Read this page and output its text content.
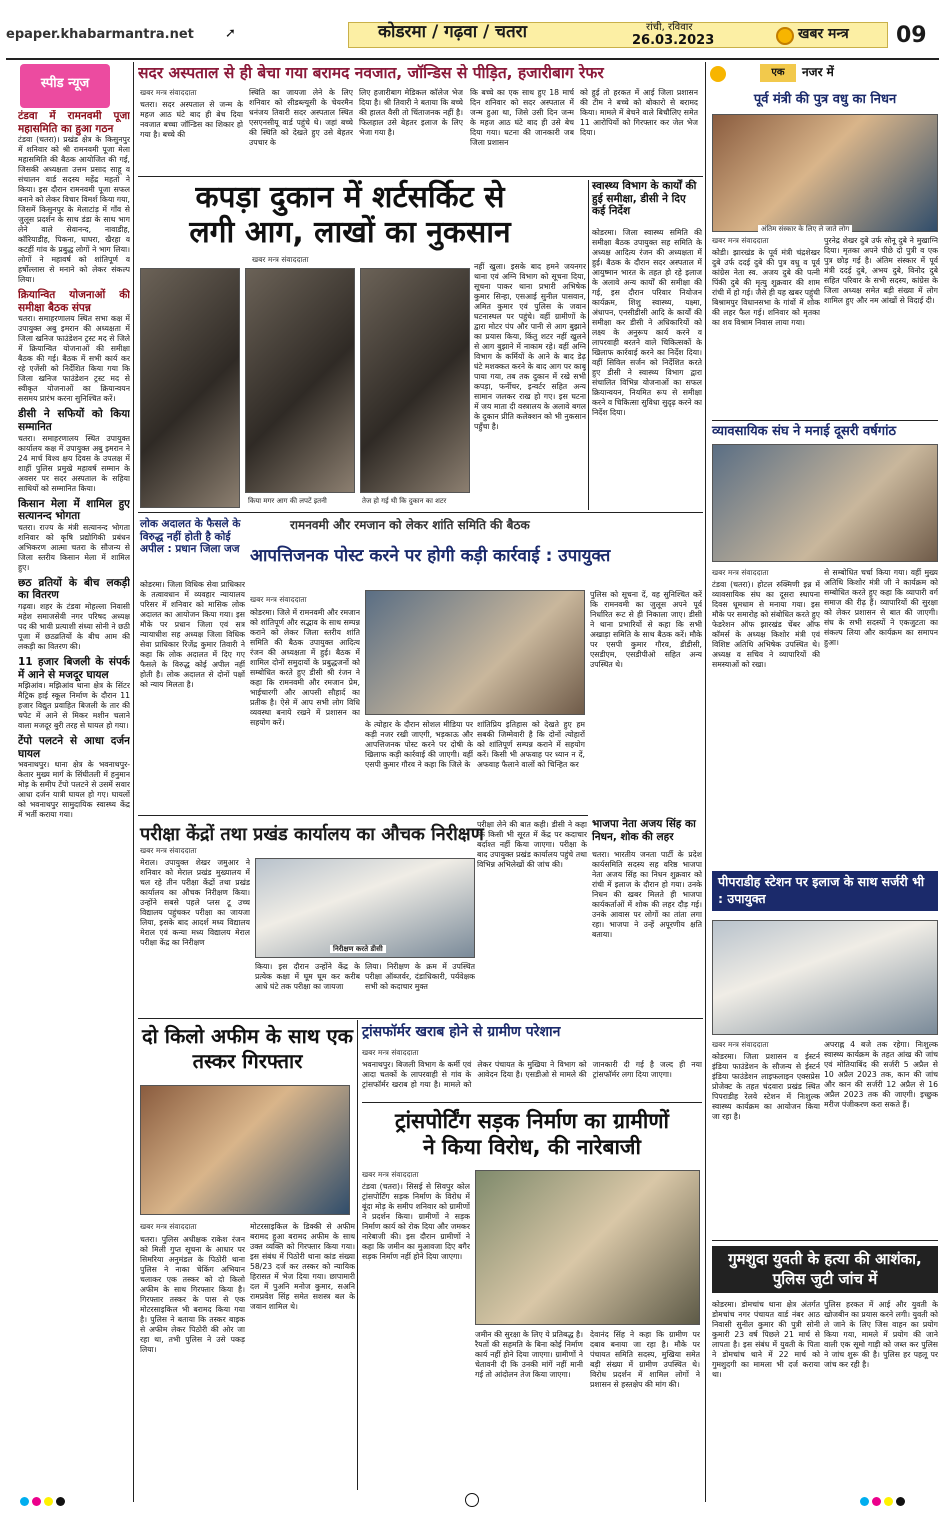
epaper.khabarmantra.net ➚	कोडरमा / गढ़वा / चतरा	रांची, रविवार
26.03.2023	खबर मन्त्र 09
स्पीड न्यूज
टंडवा में रामनवमी पूजा महासमिति का हुआ गठन
टंडवा (चतरा)। प्रखंड क्षेत्र के किसुनपुर में शनिवार को श्री रामनवमी पूजा मेला महासमिति की बैठक आयोजित की गई, जिसकी अध्यक्षता उत्तम प्रसाद साहू व संचालन वार्ड सदस्य महेंद्र महतो ने किया। इस दौरान रामनवमी पूजा सफल बनाने को लेकर विचार विमर्श किया गया, जिसमें किसुनपुर के मेलाटांड़ में गाँव से जुलूस प्रदर्शन के साथ डंडा के साथ भाग लेने वाले सेवानन्द, नावाडीह, कॉरियाडीह, पिकना, घाघरा, खैरहा व कटहीं गांव के प्रबुद्ध लोगों ने भाग लिया। लोगों ने महावर्ष को शांतिपूर्ण व हर्षोल्लास से मनाने को लेकर संकल्प लिया।
क्रियान्वित योजनाओं की समीक्षा बैठक संपन्न
चतरा। समाहरणालय स्थित सभा कक्ष में उपायुक्त अबु इमरान की अध्यक्षता में जिला खनिज फाउंडेशन ट्रस्ट मद से जिले में क्रियान्वित योजनाओं की समीक्षा बैठक की गई। बैठक में सभी कार्य कर रहे एजेंसी को निर्देशित किया गया कि जिला खनिज फाउंडेशन ट्रस्ट मद से स्वीकृत योजनाओं का क्रियान्वयन ससमय प्रारंभ करना सुनिश्चित करें।
डीसी ने सफियों को किया सम्मानित
चतरा। समाहरणालय स्थित उपायुक्त कार्यालय कक्ष में उपायुक्त अबु इमरान ने 24 मार्च विश्व क्षय दिवस के उपलक्ष में शाहीं पुलिस प्रमुखे महावर्ष सम्मान के अवसर पर सदर अस्पताल के सहिया साथियों को सम्मानित किया।
किसान मेला में शामिल हुए सत्यानन्द भोगता
चतरा। राज्य के मंत्री सत्यानन्द भोगता शनिवार को कृषि प्रद्योगिकी प्रबंधन अभिकरण आत्मा चतरा के सौजन्य से जिला स्तरीय किसान मेला में शामिल हुए।
छठ व्रतियों के बीच लकड़ी का वितरण
गढ़वा। शहर के टंडवा मोहल्ला निवासी महेश समाजसेवी नगर परिषद अध्यक्ष पद की भावी प्रत्याशी संध्या सोनी ने छठी पूजा में छठव्रतियों के बीच आम की लकड़ी का वितरण की।
11 हजार बिजली के संपर्क में आने से मजदूर घायल
मझिआंव। मझिआंव थाना क्षेत्र के सिंटर मैट्रिक हाई स्कूल निर्माण के दौरान 11 हजार विद्युत प्रवाहित बिजली के तार की चपेट में आने से मिकर मशीन चलाने वाला मजदूर बुरी तरह से घायल हो गया।
टेंपो पलटने से आधा दर्जन घायल
भवनाथपुर। थाना क्षेत्र के भवनाथपुर-केतार मुख्य मार्ग के सिंघीतली में हनुमान मोड़ के समीप टेंपो पलटने से उसमें सवार आधा दर्जन यात्री घायल हो गए। घायलों को भवनाथपुर सामुदायिक स्वास्थ्य केंद्र में भर्ती कराया गया।
सदर अस्पताल से ही बेचा गया बरामद नवजात, जॉन्डिस से पीड़ित, हजारीबाग रेफर
खबर मन्त्र संवाददाता
चतरा। सदर अस्पताल से जन्म के महज आठ घंटे बाद ही बेच दिया नवजात बच्चा जॉन्डिस का शिकार हो गया है। बच्चे की
स्थिति का जायजा लेने के लिए शनिवार को सीडब्ल्यूसी के चेयरमैन धनंजय तिवारी सदर अस्पताल स्थित एसएनसीयू वार्ड पहुंचे थे। जहां बच्चे की स्थिति को देखते हुए उसे बेहतर उपचार के
लिए हजारीबाग मेडिकल कॉलेज भेज दिया है। श्री तिवारी ने बताया कि बच्चे की हालत वैसी तो चिंताजनक नहीं है। फिलहाल उसे बेहतर इलाज के लिए भेजा गया है।
कि बच्चे का एक साथ हुए 18 मार्च दिन शनिवार को सदर अस्पताल में जन्म हुआ था, जिसे उसी दिन जन्म के महज आठ घंटे बाद ही उसे बेच दिया गया। घटना की जानकारी जब जिला प्रशासन
को हुई तो हरकत में आई जिला प्रशासन की टीम ने बच्चे को बोकारो से बरामद किया। मामले में बेचने वाले बिचौलिए समेत 11 आरोपियों को गिरफ्तार कर जेल भेज दिया।
कपड़ा दुकान में शर्टसर्किट से
लगी आग, लाखों का नुकसान
किया मगर आग की लपटें इतनी	तेज हो गई थी कि दुकान का शटर
खबर मन्त्र संवाददाता
नहीं खुला। इसके बाद हमने जयनगर थाना एवं अग्नि विभाग को सूचना दिया, सूचना पाकर थाना प्रभारी अभिषेक कुमार सिन्हा, एसआई सुनील पासवान, अमित कुमार एवं पुलिस के जवान घटनास्थल पर पहुंचे। वहीं ग्रामीणों के द्वारा मोटर पंप और पानी से आग बुझाने का प्रयास किया, किंतु शटर नहीं खुलने से आग बुझाने में नाकाम रहे। वहीं अग्नि विभाग के कर्मियों के आने के बाद डेढ़ घंटे मशक्कत करने के बाद आग पर काबू पाया गया, तब तक दुकान में रखे सभी कपड़ा, फर्नीचर, इन्वर्टर सहित अन्य सामान जलकर राख हो गए। इस घटना में जय माता दी वस्त्रालय के अलावे बगल के दुकान प्रीति कलेक्शन को भी नुकसान पहुँचा है।
स्वास्थ्य विभाग के कार्यों की हुई समीक्षा, डीसी ने दिए कई निर्देश
कोडरमा। जिला स्वास्थ्य समिति की समीक्षा बैठक उपायुक्त सह समिति के अध्यक्ष आदित्य रंजन की अध्यक्षता में हुई। बैठक के दौरान सदर अस्पताल में आयुष्मान भारत के तहत हो रहे इलाज के अलावे अन्य कार्यों की समीक्षा की गई, इस दौरान परिवार नियोजन कार्यक्रम, शिशु स्वास्थ्य, यक्ष्मा, अंधापन, एनसीडीसी आदि के कार्यों की समीक्षा कर डीसी ने अधिकारियों को लक्ष्य के अनुरूप कार्य करने व लापरवाही बरतने वाले चिकित्सकों के खिलाफ कार्रवाई करने का निर्देश दिया। वहीं सिविल सर्जन को निर्देशित करते हुए डीसी ने स्वास्थ्य विभाग द्वारा संचालित विभिन्न योजनाओं का सफल क्रियान्वयन, नियमित रूप से समीक्षा करने व चिकित्सा सुविधा सुदृढ़ करने का निर्देश दिया।
लोक अदालत के फैसले के विरुद्ध नहीं होती है कोई अपील : प्रधान जिला जज
कोडरमा। जिला विधिक सेवा प्राधिकार के तत्वावधान में व्यवहार न्यायालय परिसर में शनिवार को मासिक लोक अदालत का आयोजन किया गया। इस मौके पर प्रधान जिला एवं सत्र न्यायाधीश सह अध्यक्ष जिला विधिक सेवा प्राधिकार रिजेंद्र कुमार तिवारी ने कहा कि लोक अदालत में दिए गए फैसले के विरुद्ध कोई अपील नहीं होती है। लोक अदालत से दोनों पक्षों को न्याय मिलता है।
रामनवमी और रमजान को लेकर शांति समिति की बैठक
आपत्तिजनक पोस्ट करने पर होगी कड़ी कार्रवाई : उपायुक्त
खबर मन्त्र संवाददाता
कोडरमा। जिले में रामनवमी और रमजान को शांतिपूर्ण और सद्भाव के साथ सम्पन्न कराने को लेकर जिला स्तरीय शांति समिति की बैठक उपायुक्त आदित्य रंजन की अध्यक्षता में हुई। बैठक में शामिल दोनों समुदायों के प्रबुद्धजनों को सम्बोधित करते हुए डीसी श्री रंजन ने कहा कि रामनवमी और रमजान प्रेम, भाईचारगी और आपसी सौहार्द का प्रतीक है। ऐसे में आप सभी लोग विधि व्यवस्था बनाये रखने में प्रशासन का सहयोग करें।	के त्योहार के दौरान सोशल मीडिया पर कड़ी नजर रखी जाएगी, भड़काऊ और आपत्तिजनक पोस्ट करने पर दोषी के खिलाफ कड़ी कार्रवाई की जाएगी। वहीं एसपी कुमार गौरव ने कहा कि जिले के
शांतिप्रिय इतिहास को देखते हुए हम सबकी जिम्मेवारी है कि दोनों त्योहारों को शांतिपूर्ण सम्पन्न कराने में सहयोग करें। किसी भी अफवाह पर ध्यान न दें, अफवाह फैलाने वालों को चिन्हित कर
पुलिस को सूचना दें, वह सुनिश्चित करें कि रामनवमी का जुलूस अपने पूर्व निर्धारित रूट से ही निकाला जाए। डीसी ने थाना प्रभारियों से कहा कि सभी अखाड़ा समिति के साथ बैठक करें। मौके पर एसपी कुमार गौरव, डीडीसी, एसडीएम, एसडीपीओ सहित अन्य उपस्थित थे।
परीक्षा केंद्रों तथा प्रखंड कार्यालय का औचक निरीक्षण
खबर मन्त्र संवाददाता
मेराल। उपायुक्त शेखर जमुआर ने शनिवार को मेराल प्रखंड मुख्यालय में चल रहे तीन परीक्षा केंद्रों तथा प्रखंड कार्यालय का औचक निरीक्षण किया। उन्होंने सबसे पहले प्लस टू उच्च विद्यालय पहुंचकर परीक्षा का जायजा लिया, इसके बाद आदर्श मध्य विद्यालय मेराल एवं कन्या मध्य विद्यालय मेराल परीक्षा केंद्र का निरीक्षण
निरीक्षण करते डीसी
किया। इस दौरान उन्होंने केंद्र के प्रत्येक कक्षा में घूम घूम कर करीब आधे घंटे तक परीक्षा का जायजा
लिया। निरीक्षण के क्रम में उपस्थित परीक्षा ऑब्जर्वर, दंडाधिकारी, पर्यवेक्षक सभी को कदाचार मुक्त
परीक्षा लेने की बात कही। डीसी ने कहा कि किसी भी सूरत में केंद्र पर कदाचार बर्दाश्त नहीं किया जाएगा। परीक्षा के बाद उपायुक्त प्रखंड कार्यालय पहुंचे तथा विभिन्न अभिलेखों की जांच की।
भाजपा नेता अजय सिंह का निधन, शोक की लहर
चतरा। भारतीय जनता पार्टी के प्रदेश कार्यसमिति सदस्य सह वरिष्ठ भाजपा नेता अजय सिंह का निधन शुक्रवार को रांची में इलाज के दौरान हो गया। उनके निधन की खबर मिलते ही भाजपा कार्यकर्ताओं में शोक की लहर दौड़ गई। उनके आवास पर लोगों का तांता लगा रहा। भाजपा ने उन्हें अपूरणीय क्षति बताया।
दो किलो अफीम के साथ एक तस्कर गिरफ्तार
खबर मन्त्र संवाददाता
चतरा। पुलिस अधीक्षक राकेश रंजन को मिली गुप्त सूचना के आधार पर सिमरिया अनुमंडल के पिठोरी थाना पुलिस ने नाका चेकिंग अभियान चलाकर एक तस्कर को दो किलो अफीम के साथ गिरफ्तार किया है। गिरफ्तार तस्कर के पास से एक मोटरसाइकिल भी बरामद किया गया है। पुलिस ने बताया कि तस्कर बाइक से अफीम लेकर पिठोरी की ओर जा रहा था, तभी पुलिस ने उसे पकड़ लिया।
मोटरसाइकिल के डिक्की से अफीम बरामद हुआ बरामद अफीम के साथ उक्त व्यक्ति को गिरफ्तार किया गया। इस संबंध में पिठोरी थाना कांड संख्या 58/23 दर्ज कर तस्कर को न्यायिक हिरासत में भेज दिया गया। छापामारी दल में पुअनि मनोज कुमार, सअनि रामप्रवेश सिंह समेत सशस्त्र बल के जवान शामिल थे।
ट्रांसफॉर्मर खराब होने से ग्रामीण परेशान
खबर मन्त्र संवाददाता
भवनाथपुर। बिजली विभाग के कर्मी एवं आदा चतकों के लापरवाही से गांव के ट्रांसफॉर्मर खराब हो गया है। मामले को लेकर पंचायत के मुखिया ने विभाग को आवेदन दिया है। एसडीओ से मामले की जानकारी दी गई है जल्द ही नया ट्रांसफॉर्मर लगा दिया जाएगा।
ट्रांसपोर्टिंग सड़क निर्माण का ग्रामीणों
ने किया विरोध, की नारेबाजी
खबर मन्त्र संवाददाता
टंडवा (चतरा)। सिसई से सिवपुर कोल ट्रांसपोर्टिंग सड़क निर्माण के विरोध में बूंदा मोड़ के समीप शनिवार को ग्रामीणों ने प्रदर्शन किया। ग्रामीणों ने सड़क निर्माण कार्य को रोक दिया और जमकर नारेबाजी की। इस दौरान ग्रामीणों ने कहा कि जमीन का मुआवजा दिए बगैर सड़क निर्माण नहीं होने दिया जाएगा।
जमीन की सुरक्षा के लिए ये प्रतिबद्ध है। रैयतों की सहमति के बिना कोई निर्माण कार्य नहीं होने दिया जाएगा। ग्रामीणों ने चेतावनी दी कि उनकी मांगें नहीं मानी गई तो आंदोलन तेज किया जाएगा।
देवानंद सिंह ने कहा कि ग्रामीण पर दबाव बनाया जा रहा है। मौके पर पंचायत समिति सदस्य, मुखिया समेत बड़ी संख्या में ग्रामीण उपस्थित थे। विरोध प्रदर्शन में शामिल लोगों ने प्रशासन से हस्तक्षेप की मांग की।
एक	नजर में
पूर्व मंत्री की पुत्र वधु का निधन
अंतिम संस्कार के लिए ले जाते लोग
खबर मन्त्र संवाददाता
कोडी। झारखंड के पूर्व मंत्री चंद्रशेखर दुबे उर्फ ददई दुबे की पुत्र वधु व पूर्व कांग्रेस नेता स्व. अजय दुबे की पत्नी पिंकी दुबे की मृत्यु शुक्रवार की शाम रांची में हो गई। जैसे ही यह खबर पहुंची बिश्रामपुर विधानसभा के गांवों में शोक की लहर फैल गई। शनिवार को मृतका का शव विश्राम निवास लाया गया।
पुरनेद्र शेखर दुबे उर्फ सोनू दुबे ने मुखाग्नि दिया। मृतका अपने पीछे दो पुत्री व एक पुत्र छोड़ गई है। अंतिम संस्कार में पूर्व मंत्री ददई दुबे, अभय दुबे, विनोद दुबे सहित परिवार के सभी सदस्य, कांग्रेस के जिला अध्यक्ष समेत बड़ी संख्या में लोग शामिल हुए और नम आंखों से विदाई दी।
व्यावसायिक संघ ने मनाई दूसरी वर्षगांठ
खबर मन्त्र संवाददाता
टंडवा (चतरा)। होटल रुक्मिणी इन्न में व्यावसायिक संघ का दूसरा स्थापना दिवस धूमधाम से मनाया गया। इस मौके पर समारोह को संबोधित करते हुए फेडरेशन ऑफ झारखंड चेंबर ऑफ कॉमर्स के अध्यक्ष किशोर मंत्री एवं विशिष्ट अतिथि अभिषेक उपस्थित थे। अध्यक्ष व सचिव ने व्यापारियों की समस्याओं को रखा।
से सम्बोधित चर्चा किया गया। वहीं मुख्य अतिथि किशोर मंत्री जी ने कार्यक्रम को सम्बोधित करते हुए कहा कि व्यापारी वर्ग समाज की रीढ़ हैं। व्यापारियों की सुरक्षा को लेकर प्रशासन से बात की जाएगी। संघ के सभी सदस्यों ने एकजुटता का संकल्प लिया और कार्यक्रम का समापन हुआ।
पीपराडीह स्टेशन पर इलाज के साथ सर्जरी भी : उपायुक्त
खबर मन्त्र संवाददाता
कोडरमा। जिला प्रशासन व ईस्टर्न इंडिया फाउंडेशन के सौजन्य से ईस्टर्न इंडिया फाउंडेशन लाइफलाइन एक्सप्रेस प्रोजेक्ट के तहत चंदवारा प्रखंड स्थित पिपराडीह रेलवे स्टेशन में निःशुल्क स्वास्थ्य कार्यक्रम का आयोजन किया जा रहा है।
अपराह्न 4 बजे तक रहेगा। निःशुल्क स्वास्थ्य कार्यक्रम के तहत आंख की जांच एवं मोतियाबिंद की सर्जरी 5 अप्रैल से 10 अप्रैल 2023 तक, कान की जांच और कान की सर्जरी 12 अप्रैल से 16 अप्रैल 2023 तक की जाएगी। इच्छुक मरीज पंजीकरण करा सकते हैं।
गुमशुदा युवती के हत्या की आशंका, पुलिस जुटी जांच में
कोडरमा। डोमचांच थाना क्षेत्र अंतर्गत डोमचांच नगर पंचायत वार्ड नंबर आठ निवासी सुनील कुमार की पुत्री सोनी कुमारी 23 वर्ष पिछले 21 मार्च से लापता है। इस संबंध में युवती के पिता ने डोमचांच थाने में 22 मार्च को गुमशुदगी का मामला भी दर्ज कराया था।
पुलिस हरकत में आई और युवती के खोजबीन का प्रयास करने लगी। युवती को ले जाने के लिए जिस वाहन का प्रयोग किया गया, मामले में प्रयोग की जाने वाली एक सूमो गाड़ी को जब्त कर पुलिस ने जांच शुरू की है। पुलिस हर पहलू पर जांच कर रही है।
